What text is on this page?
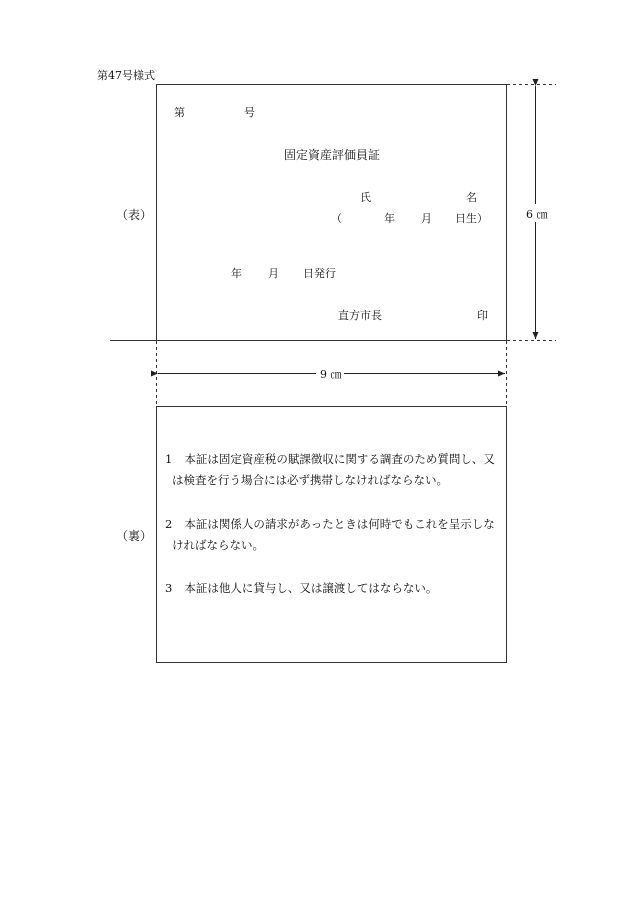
第47号様式
（表）
第	号
固定資産評価員証
氏	名
（	年 月 日生）
年 月 日発行
直方市長	印
6 ㎝
9 ㎝
（裏）
1 本証は固定資産税の賦課徴収に関する調査のため質問し、又
は検査を行う場合には必ず携帯しなければならない。
2 本証は関係人の請求があったときは何時でもこれを呈示しな
ければならない。
3 本証は他人に貸与し、又は譲渡してはならない。
